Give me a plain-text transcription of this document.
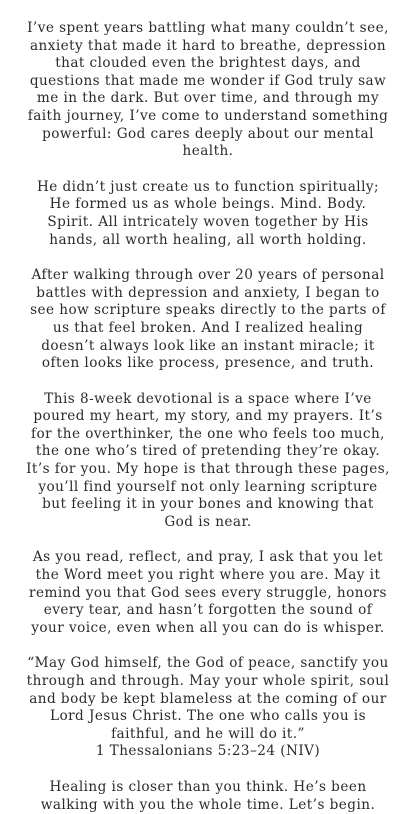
I’ve spent years battling what many couldn’t see, anxiety that made it hard to breathe, depression that clouded even the brightest days, and questions that made me wonder if God truly saw me in the dark. But over time, and through my faith journey, I’ve come to understand something powerful: God cares deeply about our mental health.

He didn’t just create us to function spiritually; He formed us as whole beings. Mind. Body. Spirit. All intricately woven together by His hands, all worth healing, all worth holding.

After walking through over 20 years of personal battles with depression and anxiety, I began to see how scripture speaks directly to the parts of us that feel broken. And I realized healing doesn’t always look like an instant miracle; it often looks like process, presence, and truth.

This 8-week devotional is a space where I’ve poured my heart, my story, and my prayers. It’s for the overthinker, the one who feels too much, the one who’s tired of pretending they’re okay. It’s for you. My hope is that through these pages, you’ll find yourself not only learning scripture but feeling it in your bones and knowing that God is near.

As you read, reflect, and pray, I ask that you let the Word meet you right where you are. May it remind you that God sees every struggle, honors every tear, and hasn’t forgotten the sound of your voice, even when all you can do is whisper.

“May God himself, the God of peace, sanctify you through and through. May your whole spirit, soul and body be kept blameless at the coming of our Lord Jesus Christ. The one who calls you is faithful, and he will do it.”
1 Thessalonians 5:23–24 (NIV)

Healing is closer than you think. He’s been walking with you the whole time. Let’s begin.
